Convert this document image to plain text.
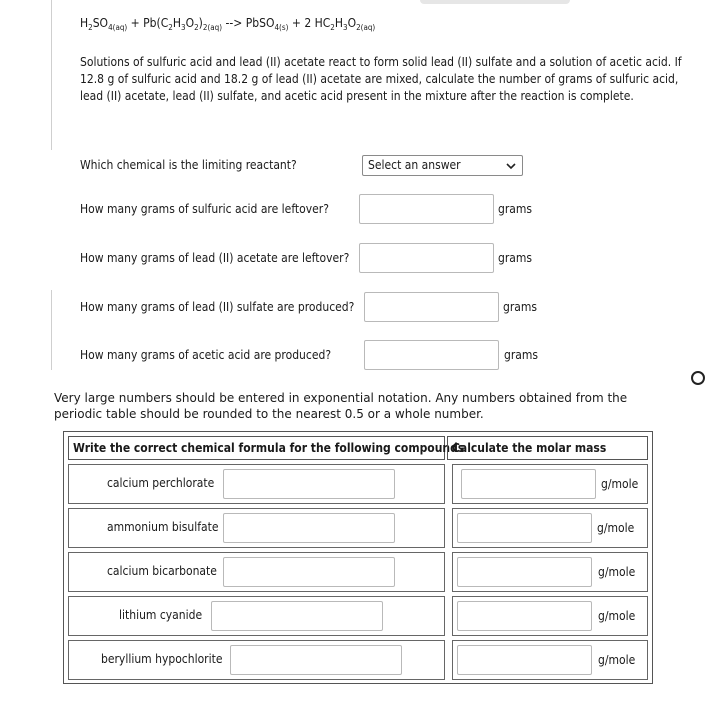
$H_2SO_{4(aq)} + Pb(C_2H_3O_2)_{2(aq)}$ --> PbSO$_{4(s)}$ + 2 $HC_2H_3O_{2(aq)}$
Solutions of sulfuric acid and lead (II) acetate react to form solid lead (II) sulfate and a solution of acetic acid. If 12.8 g of sulfuric acid and 18.2 g of lead (II) acetate are mixed, calculate the number of grams of sulfuric acid, lead (II) acetate, lead (II) sulfate, and acetic acid present in the mixture after the reaction is complete.
Which chemical is the limiting reactant?	Select an answer
How many grams of sulfuric acid are leftover?	grams
How many grams of lead (II) acetate are leftover?	grams
How many grams of lead (II) sulfate are produced?	grams
How many grams of acetic acid are produced?	grams
Very large numbers should be entered in exponential notation. Any numbers obtained from the periodic table should be rounded to the nearest 0.5 or a whole number.
Write the correct chemical formula for the following compounds
Calculate the molar mass
calcium perchlorate	g/mole
ammonium bisulfate	g/mole
calcium bicarbonate	g/mole
lithium cyanide	g/mole
beryllium hypochlorite	g/mole
